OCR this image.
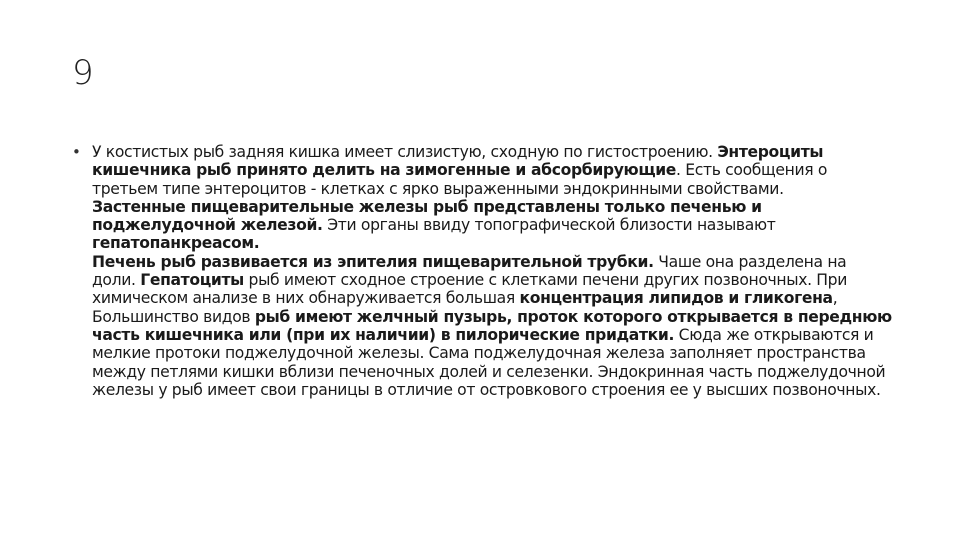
9
• У костистых рыб задняя кишка имеет слизистую, сходную по гистостроению. Энтероциты кишечника рыб принято делить на зимогенные и абсорбирующие. Есть сообщения о третьем типе энтероцитов - клетках с ярко выраженными эндокринными свойствами.

Застенные пищеварительные железы рыб представлены только печенью и поджелудочной железой. Эти органы ввиду топографической близости называют гепатопанкреасом.

Печень рыб развивается из эпителия пищеварительной трубки. Чаше она разделена на доли. Гепатоциты рыб имеют сходное строение с клетками печени других позвоночных. При химическом анализе в них обнаруживается большая концентрация липидов и гликогена, Большинство видов рыб имеют желчный пузырь, проток которого открывается в переднюю часть кишечника или (при их наличии) в пилорические придатки. Сюда же открываются и мелкие протоки поджелудочной железы. Сама поджелудочная железа заполняет пространства между петлями кишки вблизи печеночных долей и селезенки. Эндокринная часть поджелудочной железы у рыб имеет свои границы в отличие от островкового строения ее у высших позвоночных.
